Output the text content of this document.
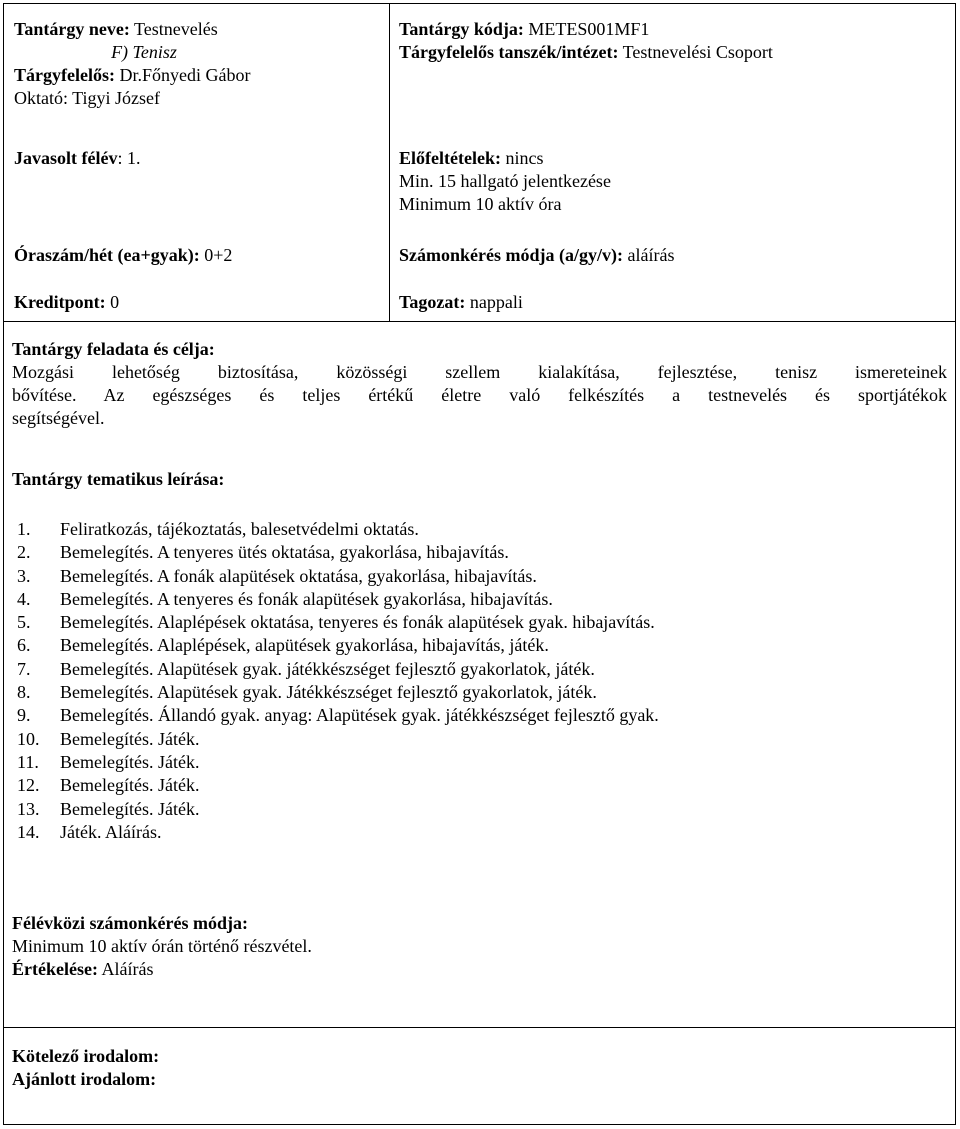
Tantárgy neve: Testnevelés
F) Tenisz
Tárgyfelelős: Dr.Főnyedi Gábor
Oktató: Tigyi József
Javasolt félév: 1.
Óraszám/hét (ea+gyak): 0+2
Kreditpont: 0
Tantárgy kódja: METES001MF1
Tárgyfelelős tanszék/intézet: Testnevelési Csoport
Előfeltételek: nincs
Min. 15 hallgató jelentkezése
Minimum 10 aktív óra
Számonkérés módja (a/gy/v): aláírás
Tagozat: nappali
Tantárgy feladata és célja:
Mozgási lehetőség biztosítása, közösségi szellem kialakítása, fejlesztése, tenisz ismereteinek
bővítése. Az egészséges és teljes értékű életre való felkészítés a testnevelés és sportjátékok
segítségével.
Tantárgy tematikus leírása:
1.	Feliratkozás, tájékoztatás, balesetvédelmi oktatás.
2.	Bemelegítés. A tenyeres ütés oktatása, gyakorlása, hibajavítás.
3.	Bemelegítés. A fonák alapütések oktatása, gyakorlása, hibajavítás.
4.	Bemelegítés. A tenyeres és fonák alapütések gyakorlása, hibajavítás.
5.	Bemelegítés. Alaplépések oktatása, tenyeres és fonák alapütések gyak. hibajavítás.
6.	Bemelegítés. Alaplépések, alapütések gyakorlása, hibajavítás, játék.
7.	Bemelegítés. Alapütések gyak. játékkészséget fejlesztő gyakorlatok, játék.
8.	Bemelegítés. Alapütések gyak. Játékkészséget fejlesztő gyakorlatok, játék.
9.	Bemelegítés. Állandó gyak. anyag: Alapütések gyak. játékkészséget fejlesztő gyak.
10.	Bemelegítés. Játék.
11.	Bemelegítés. Játék.
12.	Bemelegítés. Játék.
13.	Bemelegítés. Játék.
14.	Játék. Aláírás.
Félévközi számonkérés módja:
Minimum 10 aktív órán történő részvétel.
Értékelése: Aláírás
Kötelező irodalom:
Ajánlott irodalom:
